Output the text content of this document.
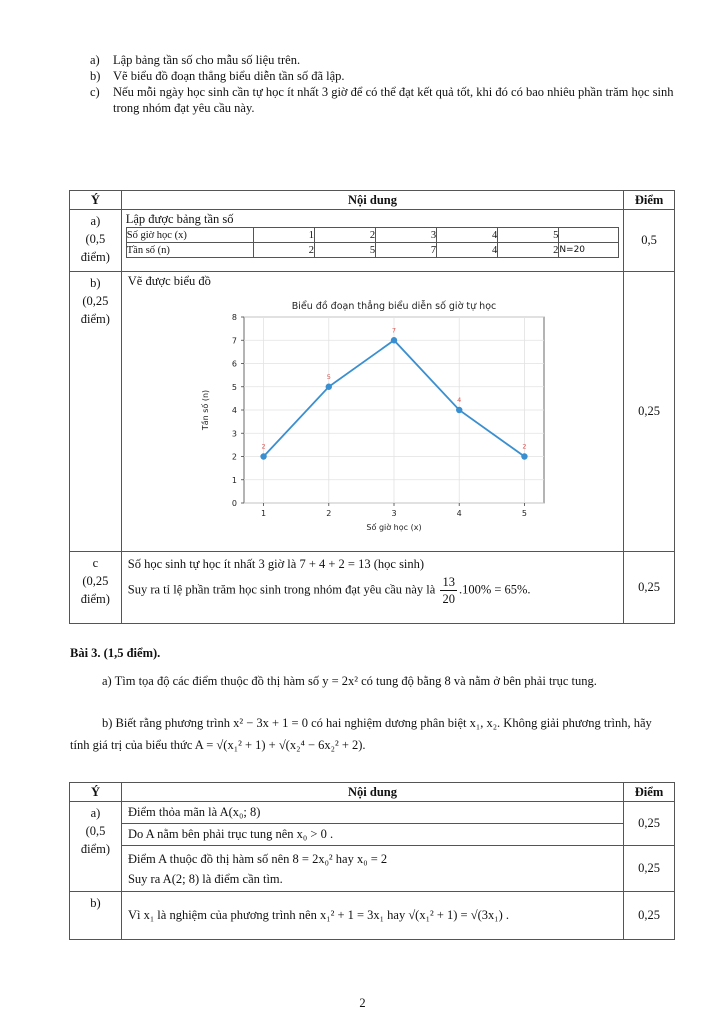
a)	Lập bảng tần số cho mẫu số liệu trên.
b)	Vẽ biểu đồ đoạn thẳng biểu diễn tần số đã lập.
c)	Nếu mỗi ngày học sinh cần tự học ít nhất 3 giờ để có thể đạt kết quả tốt, khi đó có bao nhiêu phần trăm học sinh trong nhóm đạt yêu cầu này.
Ý	Nội dung	Điểm
a)
(0,5
điểm)	
Lập được bảng tần số
Số giờ học (x)	1	2	3	4	5	
Tần số (n)	2	5	7	4	2	N=20
	0,5
b)
(0,25
điểm)	
Vẽ được biểu đồ
0
1
2
3
4
5
6
7
8
1	2	3	4	5
Biểu đồ đoạn thẳng biểu diễn số giờ tự học
Số giờ học (x)
Tần số (n)
2
5
7
4
2
	0,25
c
(0,25
điểm)	
Số học sinh tự học ít nhất 3 giờ là 7 + 4 + 2 = 13 (học sinh)
Suy ra tỉ lệ phần trăm học sinh trong nhóm đạt yêu cầu này là $\frac{13}{20} .100\% = 65\%$.	0,25
Bài 3. (1,5 điểm).
a) Tìm tọa độ các điểm thuộc đồ thị hàm số y = 2x² có tung độ bằng 8 và nằm ở bên phải trục tung.
b) Biết rằng phương trình x² − 3x + 1 = 0 có hai nghiệm dương phân biệt x₁, x₂. Không giải phương trình, hãy tính giá trị của biểu thức A = √(x₁² + 1) + √(x₂⁴ − 6x₂² + 2).
Ý	Nội dung	Điểm
a)
(0,5
điểm)	Điểm thỏa mãn là A(x₀; 8)	0,25
	Do A nằm bên phải trục tung nên x₀ > 0 .	

	Điểm A thuộc đồ thị hàm số nên 8 = 2x₀² hay x₀ = 2
Suy ra A(2; 8) là điểm cần tìm.	0,25
b)	Vì x₁ là nghiệm của phương trình nên x₁² + 1 = 3x₁ hay √(x₁² + 1) = √(3x₁) .	0,25
2
